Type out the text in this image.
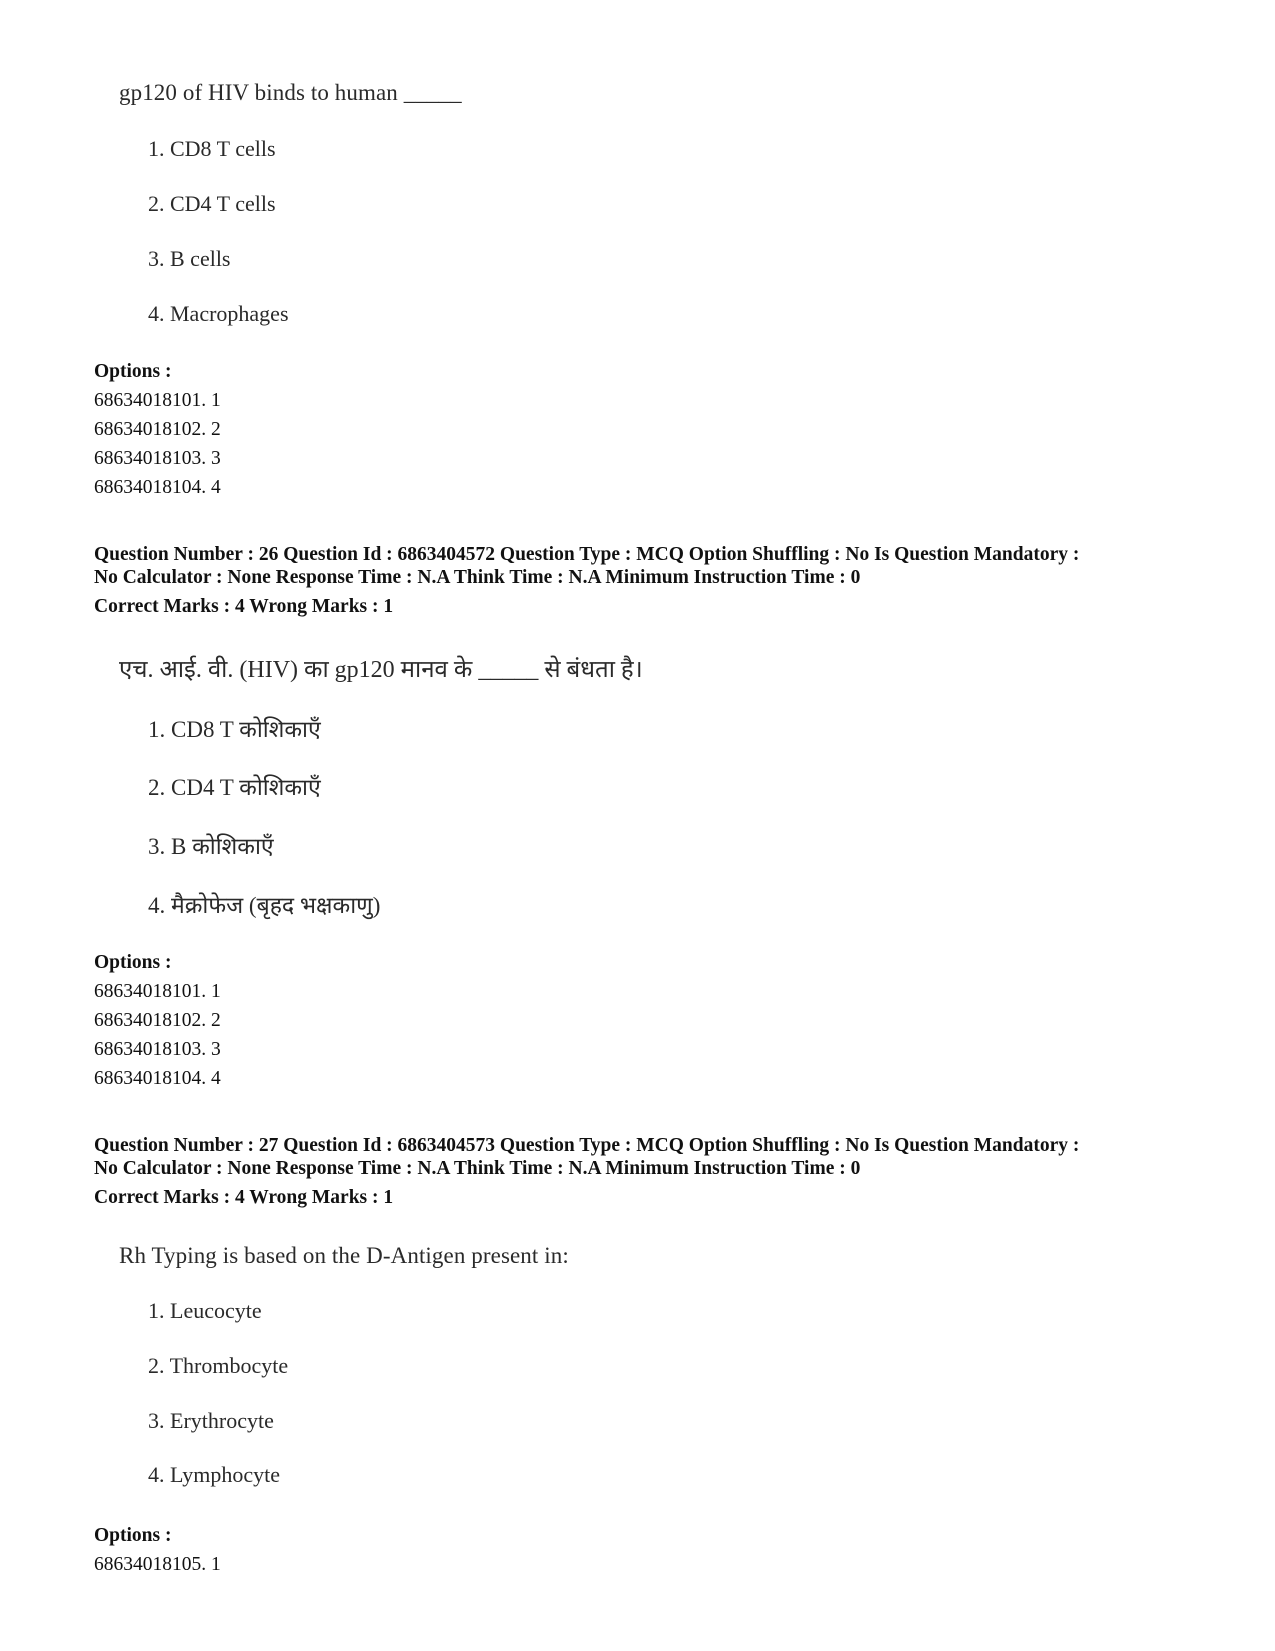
gp120 of HIV binds to human _____
1. CD8 T cells
2. CD4 T cells
3. B cells
4. Macrophages
Options :
68634018101. 1
68634018102. 2
68634018103. 3
68634018104. 4
Question Number : 26 Question Id : 6863404572 Question Type : MCQ Option Shuffling : No Is Question Mandatory :
No Calculator : None Response Time : N.A Think Time : N.A Minimum Instruction Time : 0
Correct Marks : 4 Wrong Marks : 1
एच. आई. वी. (HIV) का gp120 मानव के _____ से बंधता है।
1. CD8 T कोशिकाएँ
2. CD4 T कोशिकाएँ
3. B कोशिकाएँ
4. मैक्रोफेज (बृहद भक्षकाणु)
Options :
68634018101. 1
68634018102. 2
68634018103. 3
68634018104. 4
Question Number : 27 Question Id : 6863404573 Question Type : MCQ Option Shuffling : No Is Question Mandatory :
No Calculator : None Response Time : N.A Think Time : N.A Minimum Instruction Time : 0
Correct Marks : 4 Wrong Marks : 1
Rh Typing is based on the D-Antigen present in:
1. Leucocyte
2. Thrombocyte
3. Erythrocyte
4. Lymphocyte
Options :
68634018105. 1
